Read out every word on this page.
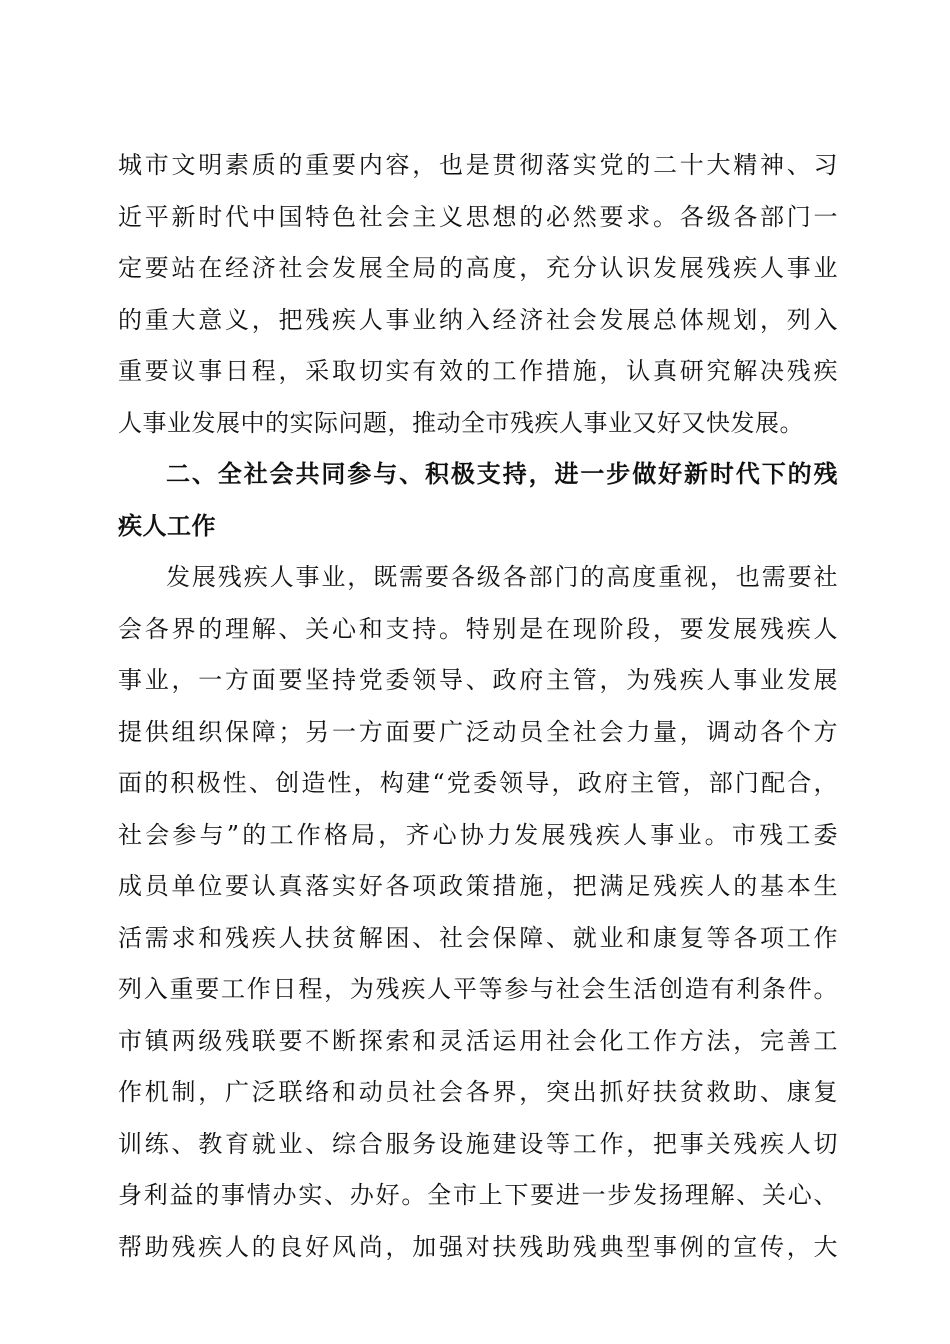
城市文明素质的重要内容，也是贯彻落实党的二十大精神、习
近平新时代中国特色社会主义思想的必然要求。各级各部门一
定要站在经济社会发展全局的高度，充分认识发展残疾人事业
的重大意义，把残疾人事业纳入经济社会发展总体规划，列入
重要议事日程，采取切实有效的工作措施，认真研究解决残疾
人事业发展中的实际问题，推动全市残疾人事业又好又快发展。
二、全社会共同参与、积极支持，进一步做好新时代下的残
疾人工作
发展残疾人事业，既需要各级各部门的高度重视，也需要社
会各界的理解、关心和支持。特别是在现阶段，要发展残疾人
事业，一方面要坚持党委领导、政府主管，为残疾人事业发展
提供组织保障；另一方面要广泛动员全社会力量，调动各个方
面的积极性、创造性，构建“党委领导，政府主管，部门配合，
社会参与”的工作格局，齐心协力发展残疾人事业。市残工委
成员单位要认真落实好各项政策措施，把满足残疾人的基本生
活需求和残疾人扶贫解困、社会保障、就业和康复等各项工作
列入重要工作日程，为残疾人平等参与社会生活创造有利条件。
市镇两级残联要不断探索和灵活运用社会化工作方法，完善工
作机制，广泛联络和动员社会各界，突出抓好扶贫救助、康复
训练、教育就业、综合服务设施建设等工作，把事关残疾人切
身利益的事情办实、办好。全市上下要进一步发扬理解、关心、
帮助残疾人的良好风尚，加强对扶残助残典型事例的宣传，大
